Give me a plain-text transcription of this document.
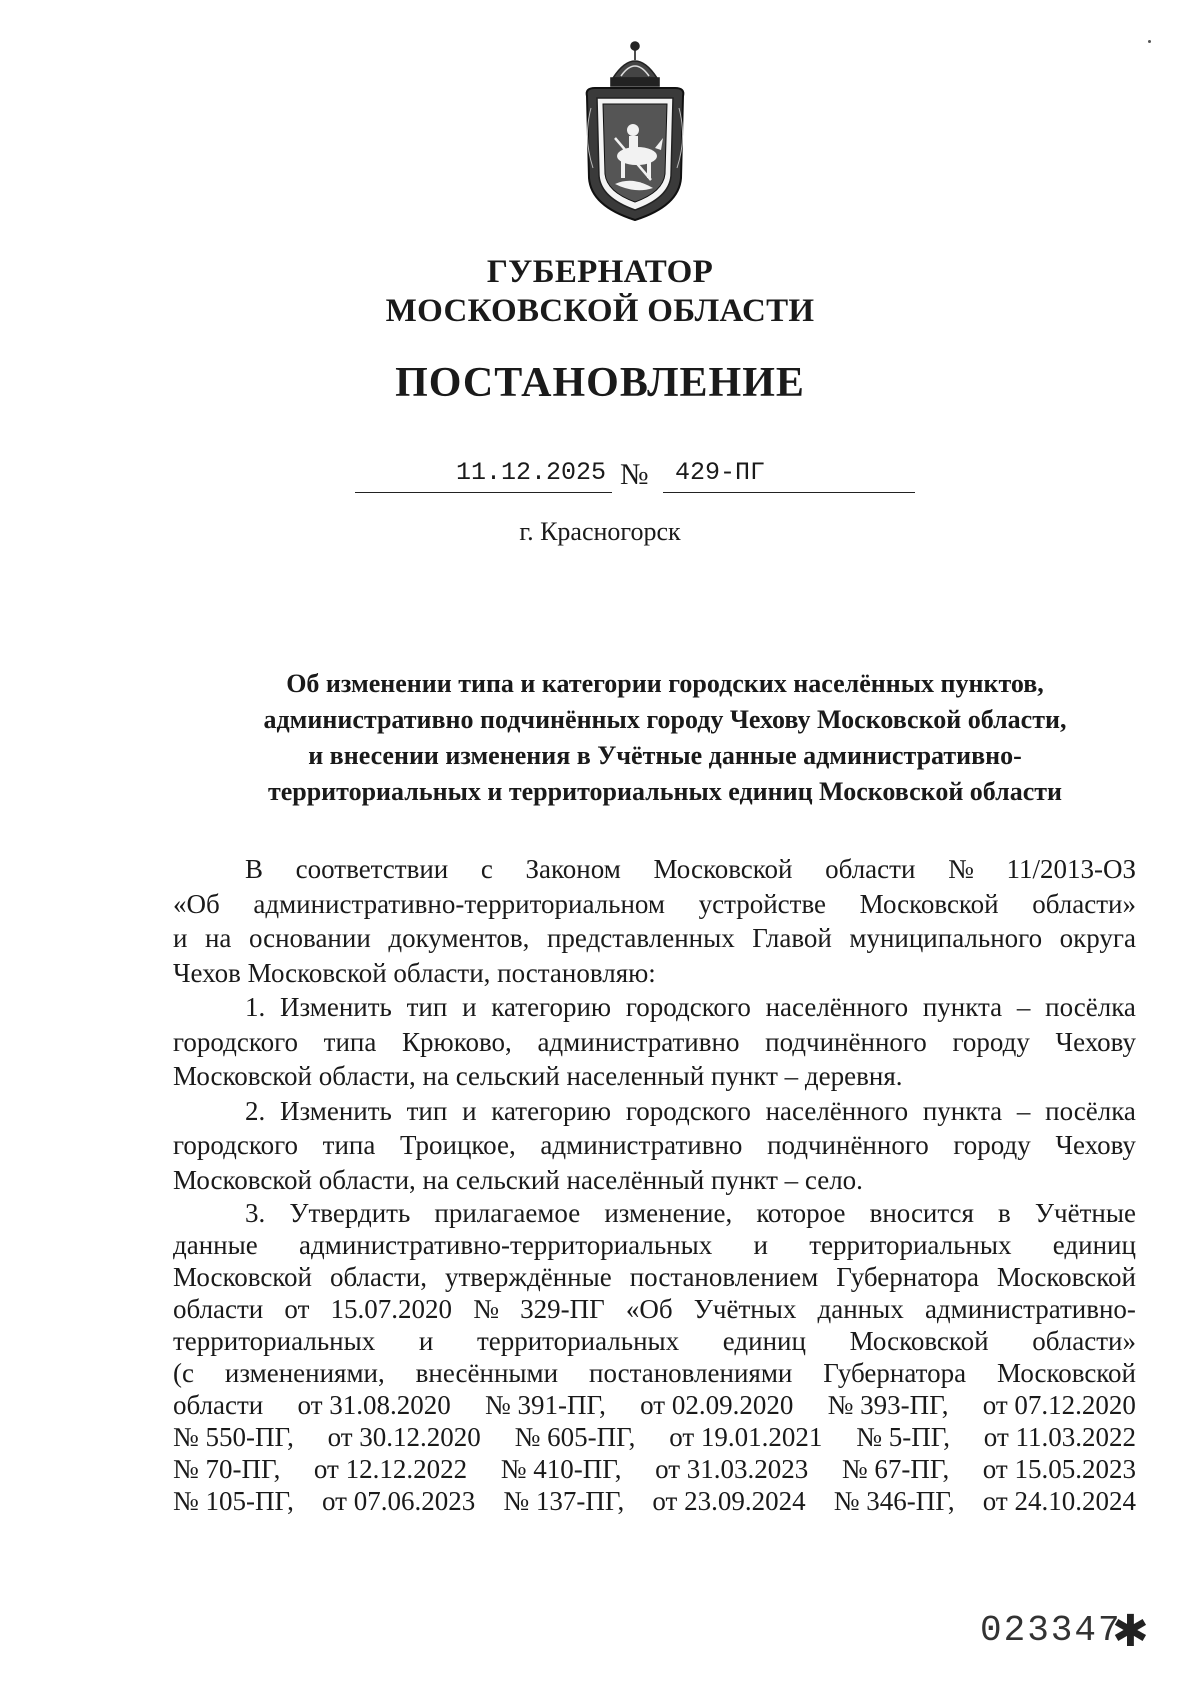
ГУБЕРНАТОР
МОСКОВСКОЙ ОБЛАСТИ
ПОСТАНОВЛЕНИЕ
11.12.2025 №	429-ПГ
г. Красногорск
Об изменении типа и категории городских населённых пунктов,
административно подчинённых городу Чехову Московской области,
и внесении изменения в Учётные данные административно-
территориальных и территориальных единиц Московской области
В соответствии с Законом Московской области № 11/2013-ОЗ
«Об административно-территориальном устройстве Московской области»
и на основании документов, представленных Главой муниципального округа
Чехов Московской области, постановляю:
1. Изменить тип и категорию городского населённого пункта – посёлка
городского типа Крюково, административно подчинённого городу Чехову
Московской области, на сельский населенный пункт – деревня.
2. Изменить тип и категорию городского населённого пункта – посёлка
городского типа Троицкое, административно подчинённого городу Чехову
Московской области, на сельский населённый пункт – село.
3. Утвердить прилагаемое изменение, которое вносится в Учётные
данные административно-территориальных и территориальных единиц
Московской области, утверждённые постановлением Губернатора Московской
области от 15.07.2020 № 329-ПГ «Об Учётных данных административно-
территориальных и территориальных единиц Московской области»
(с изменениями, внесёнными постановлениями Губернатора Московской
области от 31.08.2020 № 391-ПГ, от 02.09.2020 № 393-ПГ, от 07.12.2020
№ 550-ПГ, от 30.12.2020 № 605-ПГ, от 19.01.2021 № 5-ПГ, от 11.03.2022
№ 70-ПГ, от 12.12.2022 № 410-ПГ, от 31.03.2023 № 67-ПГ, от 15.05.2023
№ 105-ПГ, от 07.06.2023 № 137-ПГ, от 23.09.2024 № 346-ПГ, от 24.10.2024
023347
✱
